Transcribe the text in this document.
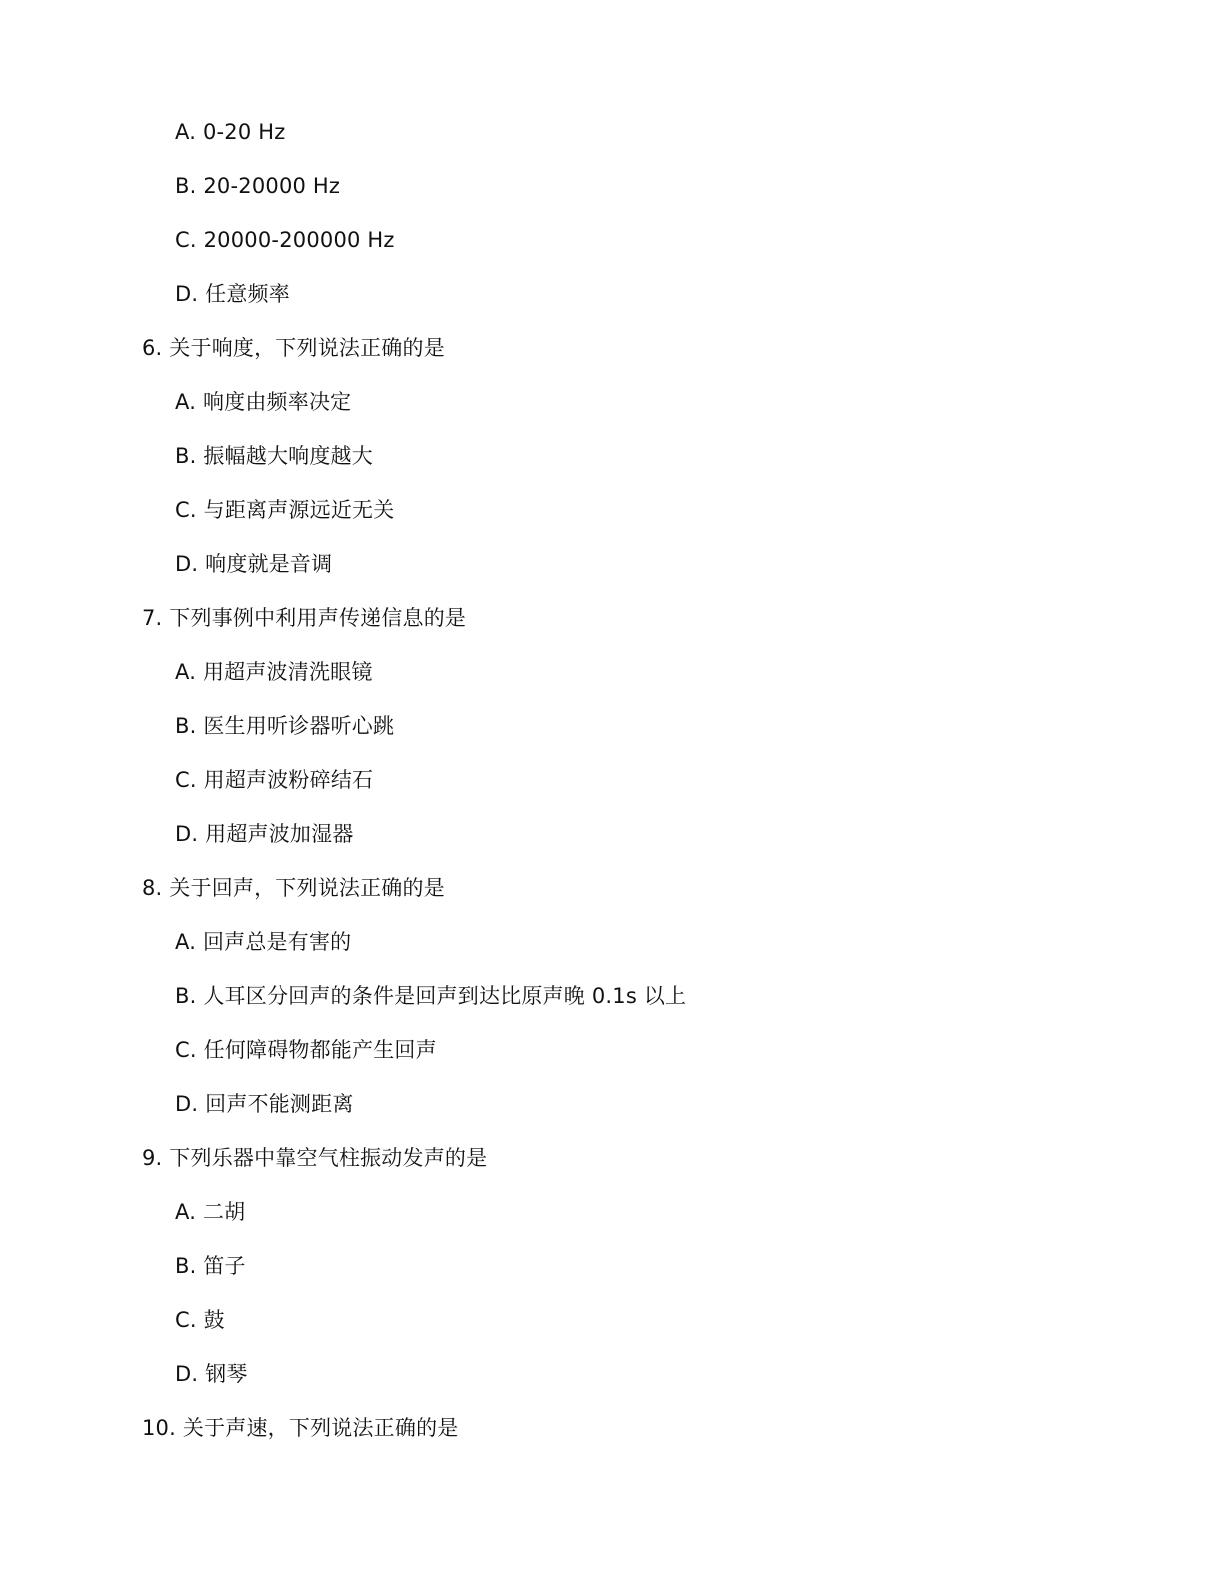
A. 0-20 Hz
B. 20-20000 Hz
C. 20000-200000 Hz
D. 任意频率
6. 关于响度，下列说法正确的是
A. 响度由频率决定
B. 振幅越大响度越大
C. 与距离声源远近无关
D. 响度就是音调
7. 下列事例中利用声传递信息的是
A. 用超声波清洗眼镜
B. 医生用听诊器听心跳
C. 用超声波粉碎结石
D. 用超声波加湿器
8. 关于回声，下列说法正确的是
A. 回声总是有害的
B. 人耳区分回声的条件是回声到达比原声晚 0.1s 以上
C. 任何障碍物都能产生回声
D. 回声不能测距离
9. 下列乐器中靠空气柱振动发声的是
A. 二胡
B. 笛子
C. 鼓
D. 钢琴
10. 关于声速，下列说法正确的是
